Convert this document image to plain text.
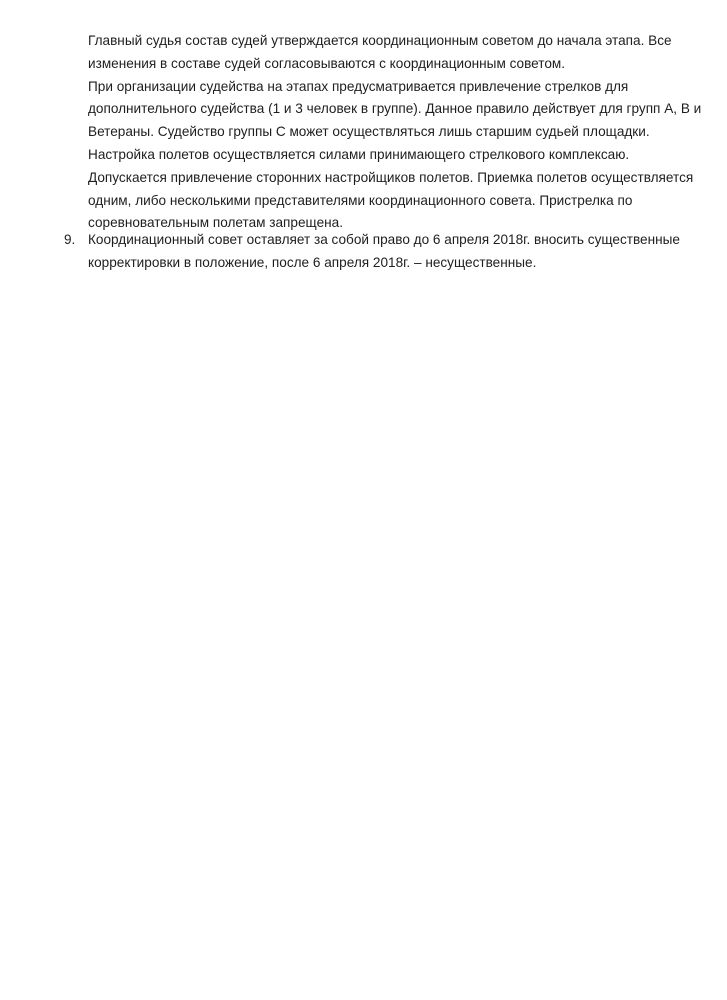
Главный судья состав судей утверждается координационным советом до начала этапа. Все
изменения в составе судей согласовываются с координационным советом.
При организации судейства на этапах предусматривается привлечение стрелков для
дополнительного судейства (1 и 3 человек в группе). Данное правило действует для групп А, В и
Ветераны. Судейство группы С может осуществляться лишь старшим судьей площадки.
Настройка полетов осуществляется силами принимающего стрелкового комплексаю.
Допускается привлечение сторонних настройщиков полетов. Приемка полетов осуществляется
одним, либо несколькими представителями координационного совета. Пристрелка по
соревновательным полетам запрещена.
9. Координационный совет оставляет за собой право до 6 апреля 2018г. вносить существенные
корректировки в положение, после 6 апреля 2018г. – несущественные.
